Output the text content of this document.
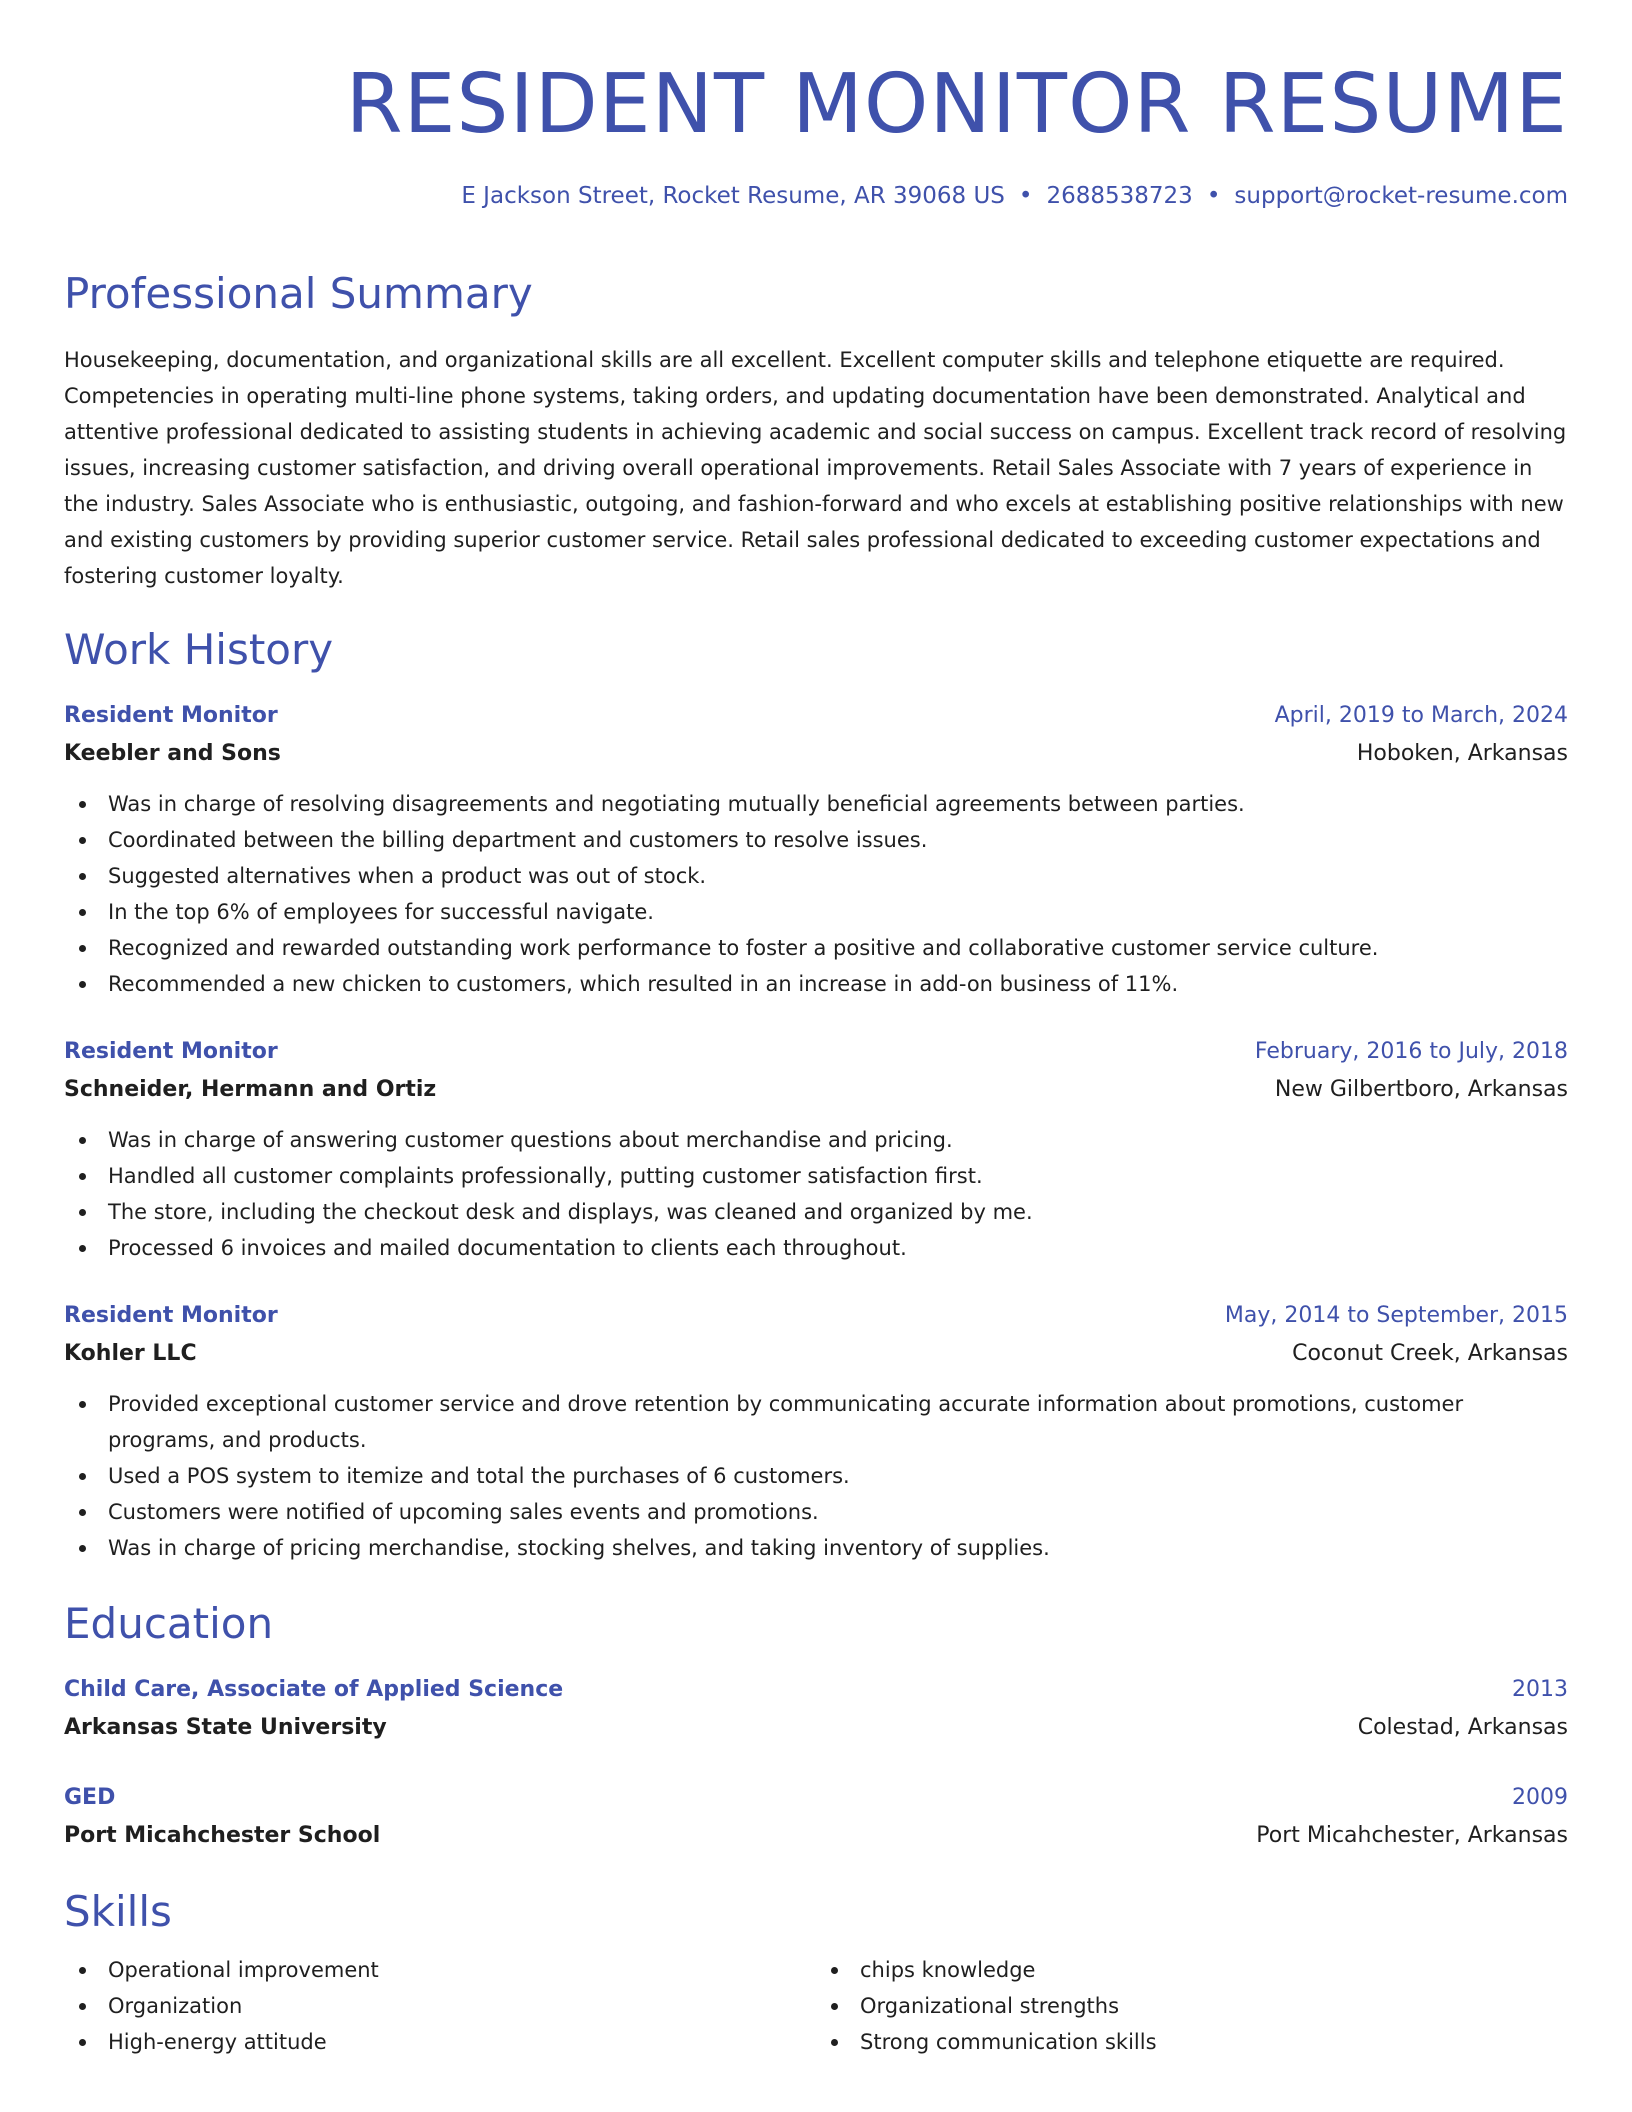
RESIDENT MONITOR RESUME
E Jackson Street, Rocket Resume, AR 39068 US • 2688538723 • support@rocket-resume.com
Professional Summary

Housekeeping, documentation, and organizational skills are all excellent. Excellent computer skills and telephone etiquette are required. Competencies in operating multi-line phone systems, taking orders, and updating documentation have been demonstrated. Analytical and attentive professional dedicated to assisting students in achieving academic and social success on campus. Excellent track record of resolving issues, increasing customer satisfaction, and driving overall operational improvements. Retail Sales Associate with 7 years of experience in the industry. Sales Associate who is enthusiastic, outgoing, and fashion-forward and who excels at establishing positive relationships with new and existing customers by providing superior customer service. Retail sales professional dedicated to exceeding customer expectations and fostering customer loyalty.

Work History
Resident Monitor	April, 2019 to March, 2024
Keebler and Sons	Hoboken, Arkansas
Was in charge of resolving disagreements and negotiating mutually beneficial agreements between parties.
Coordinated between the billing department and customers to resolve issues.
Suggested alternatives when a product was out of stock.
In the top 6% of employees for successful navigate.
Recognized and rewarded outstanding work performance to foster a positive and collaborative customer service culture.
Recommended a new chicken to customers, which resulted in an increase in add-on business of 11%.
Resident Monitor	February, 2016 to July, 2018
Schneider, Hermann and Ortiz	New Gilbertboro, Arkansas
Was in charge of answering customer questions about merchandise and pricing.
Handled all customer complaints professionally, putting customer satisfaction first.
The store, including the checkout desk and displays, was cleaned and organized by me.
Processed 6 invoices and mailed documentation to clients each throughout.
Resident Monitor	May, 2014 to September, 2015
Kohler LLC	Coconut Creek, Arkansas
Provided exceptional customer service and drove retention by communicating accurate information about promotions, customer programs, and products.
Used a POS system to itemize and total the purchases of 6 customers.
Customers were notified of upcoming sales events and promotions.
Was in charge of pricing merchandise, stocking shelves, and taking inventory of supplies.
Education
Child Care, Associate of Applied Science	2013
Arkansas State University	Colestad, Arkansas
GED	2009
Port Micahchester School	Port Micahchester, Arkansas
Skills
Operational improvement
Organization
High-energy attitude
chips knowledge
Organizational strengths
Strong communication skills
